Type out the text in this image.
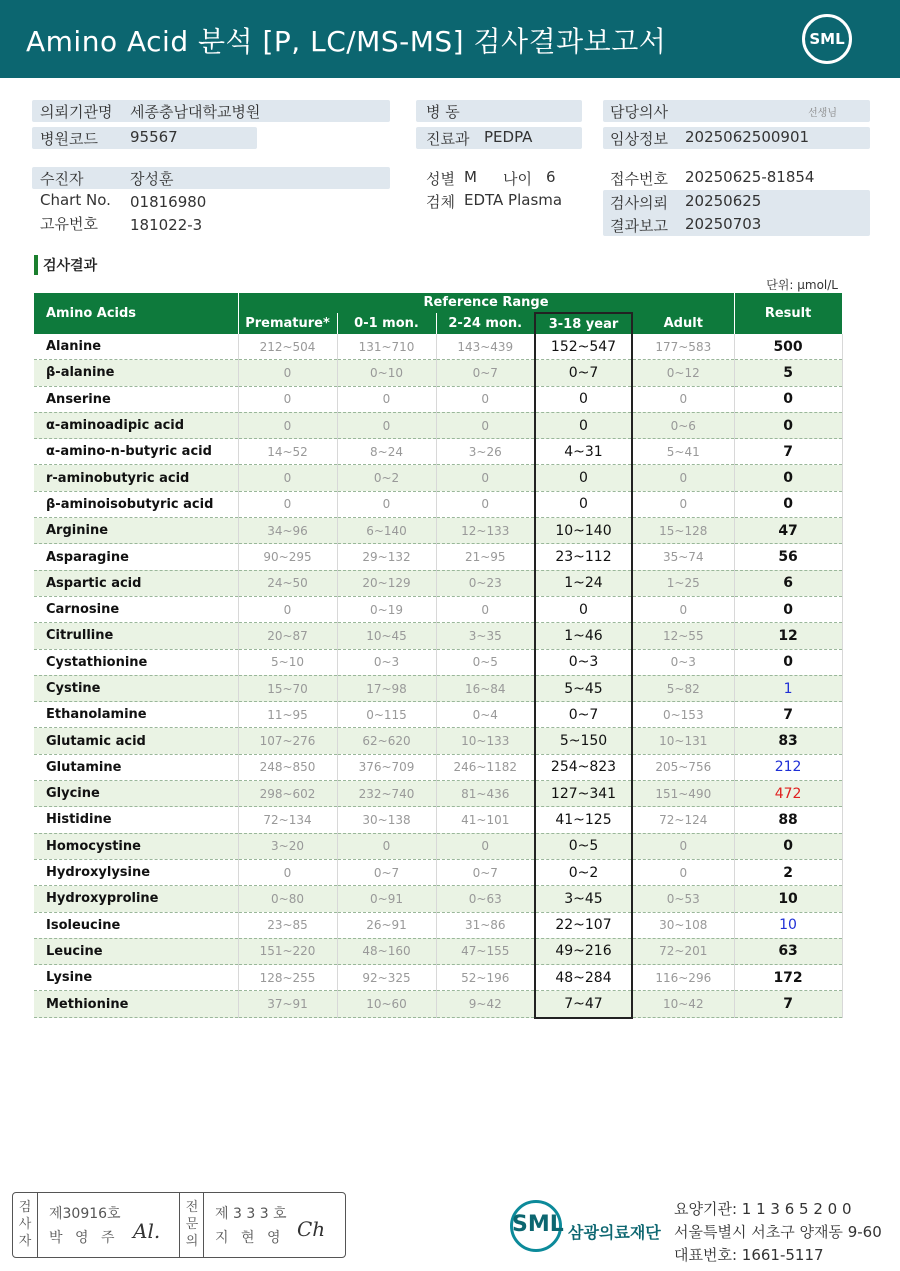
Amino Acid 분석 [P, LC/MS-MS] 검사결과보고서	SML
의뢰기관명 세종충남대학교병원
병원코드 95567
수진자	장성훈
Chart No. 01816980
고유번호 181022-3
병 동
진료과 PEDPA
성별 M 나이 6
검체 EDTA Plasma
담당의사	선생님
임상정보 2025062500901
접수번호 20250625-81854
검사의뢰 20250625
결과보고 20250703
검사결과
단위: μmol/L
Amino Acids	Reference Range					Result
	Premature*	0-1 mon.	2-24 mon.	3-18 year	Adult	
Alanine	212~504	131~710	143~439	152~547	177~583	500
β-alanine	0	0~10	0~7	0~7	0~12	5
Anserine	0	0	0	0	0	0
α-aminoadipic acid	0	0	0	0	0~6	0
α-amino-n-butyric acid	14~52	8~24	3~26	4~31	5~41	7
r-aminobutyric acid	0	0~2	0	0	0	0
β-aminoisobutyric acid	0	0	0	0	0	0
Arginine	34~96	6~140	12~133	10~140	15~128	47
Asparagine	90~295	29~132	21~95	23~112	35~74	56
Aspartic acid	24~50	20~129	0~23	1~24	1~25	6
Carnosine	0	0~19	0	0	0	0
Citrulline	20~87	10~45	3~35	1~46	12~55	12
Cystathionine	5~10	0~3	0~5	0~3	0~3	0
Cystine	15~70	17~98	16~84	5~45	5~82	1
Ethanolamine	11~95	0~115	0~4	0~7	0~153	7
Glutamic acid	107~276	62~620	10~133	5~150	10~131	83
Glutamine	248~850	376~709	246~1182	254~823	205~756	212
Glycine	298~602	232~740	81~436	127~341	151~490	472
Histidine	72~134	30~138	41~101	41~125	72~124	88
Homocystine	3~20	0	0	0~5	0	0
Hydroxylysine	0	0~7	0~7	0~2	0	2
Hydroxyproline	0~80	0~91	0~63	3~45	0~53	10
Isoleucine	23~85	26~91	31~86	22~107	30~108	10
Leucine	151~220	48~160	47~155	49~216	72~201	63
Lysine	128~255	92~325	52~196	48~284	116~296	172
Methionine	37~91	10~60	9~42	7~47	10~42	7
검
사
자
제30916호
박 영 주 Al.
전
문
의
제 3 3 3 호
지 현 영 Ch	SML 삼광의료재단
요양기관: 1 1 3 6 5 2 0 0
서울특별시 서초구 양재동 9-60
대표번호: 1661-5117
